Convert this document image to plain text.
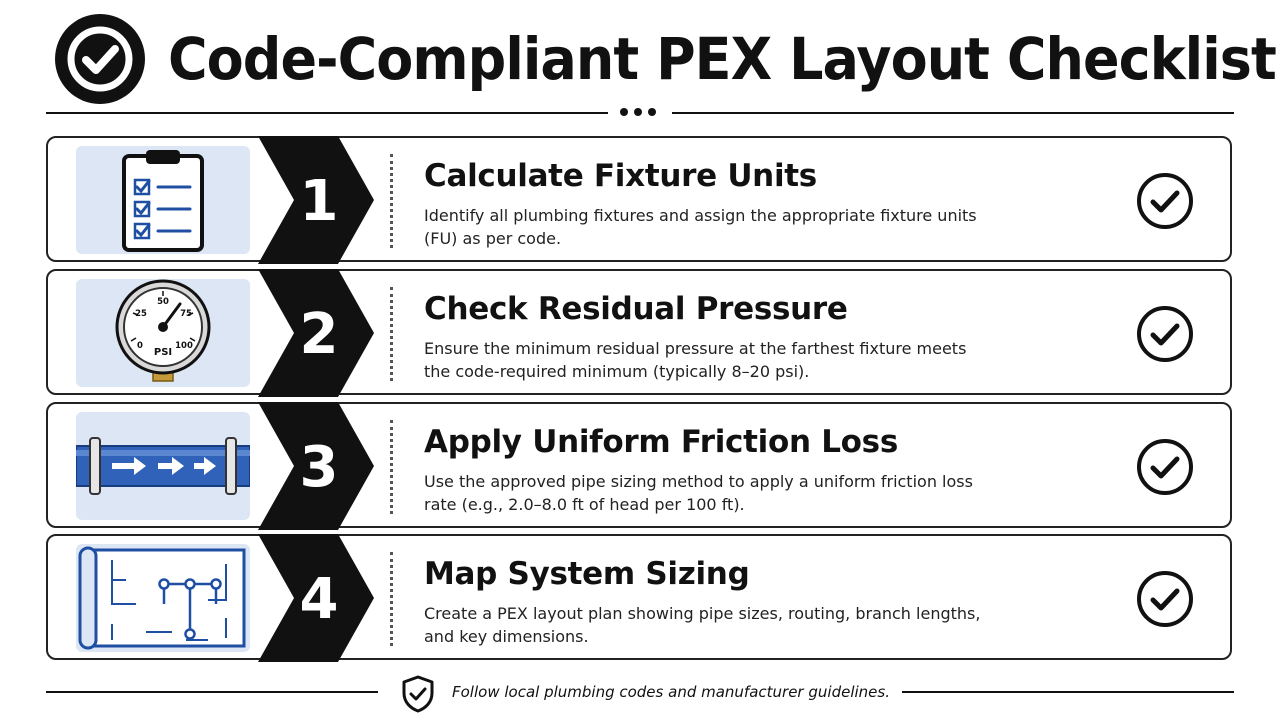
Code-Compliant PEX Layout Checklist
1	Calculate Fixture Units
Identify all plumbing fixtures and assign the appropriate fixture units (FU) as per code.
0
25
50
75
100
PSI 2	Check Residual Pressure
Ensure the minimum residual pressure at the farthest fixture meets the code-required minimum (typically 8–20 psi).
3	Apply Uniform Friction Loss
Use the approved pipe sizing method to apply a uniform friction loss rate (e.g., 2.0–8.0 ft of head per 100 ft).
4	Map System Sizing
Create a PEX layout plan showing pipe sizes, routing, branch lengths, and key dimensions.
Follow local plumbing codes and manufacturer guidelines.
